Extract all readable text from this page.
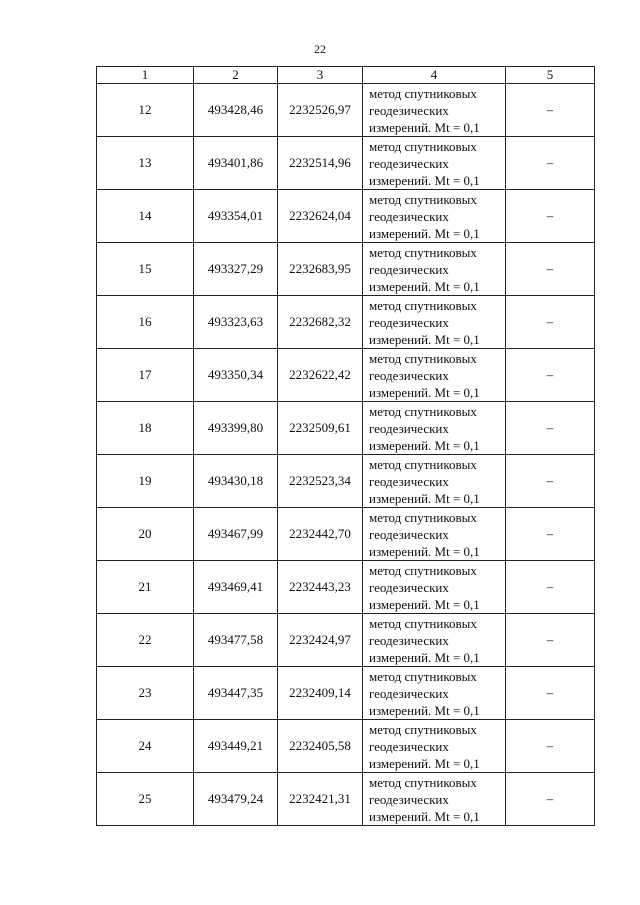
22
1	2	3	4	5
12	493428,46	2232526,97	метод спутниковых
геодезических
измерений. Mt = 0,1	–
13	493401,86	2232514,96	метод спутниковых
геодезических
измерений. Mt = 0,1	–
14	493354,01	2232624,04	метод спутниковых
геодезических
измерений. Mt = 0,1	–
15	493327,29	2232683,95	метод спутниковых
геодезических
измерений. Mt = 0,1	–
16	493323,63	2232682,32	метод спутниковых
геодезических
измерений. Mt = 0,1	–
17	493350,34	2232622,42	метод спутниковых
геодезических
измерений. Mt = 0,1	–
18	493399,80	2232509,61	метод спутниковых
геодезических
измерений. Mt = 0,1	–
19	493430,18	2232523,34	метод спутниковых
геодезических
измерений. Mt = 0,1	–
20	493467,99	2232442,70	метод спутниковых
геодезических
измерений. Mt = 0,1	–
21	493469,41	2232443,23	метод спутниковых
геодезических
измерений. Mt = 0,1	–
22	493477,58	2232424,97	метод спутниковых
геодезических
измерений. Mt = 0,1	–
23	493447,35	2232409,14	метод спутниковых
геодезических
измерений. Mt = 0,1	–
24	493449,21	2232405,58	метод спутниковых
геодезических
измерений. Mt = 0,1	–
25	493479,24	2232421,31	метод спутниковых
геодезических
измерений. Mt = 0,1	–
